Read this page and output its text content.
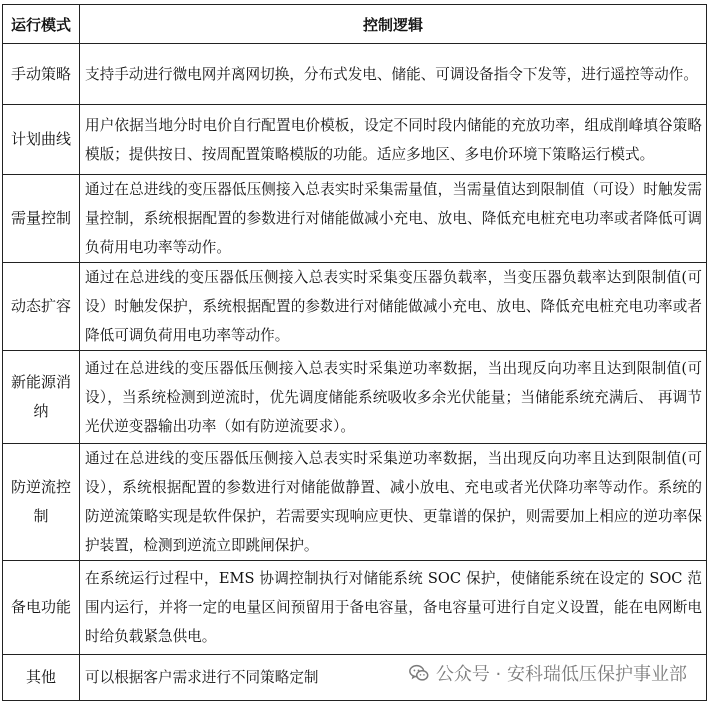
运行模式	控制逻辑
手动策略	支持手动进行微电网并离网切换，分布式发电、储能、可调设备指令下发等，进行遥控等动作。
计划曲线	用户依据当地分时电价自行配置电价模板，设定不同时段内储能的充放功率，组成削峰填谷策略模版；提供按日、按周配置策略模版的功能。适应多地区、多电价环境下策略运行模式。
需量控制	通过在总进线的变压器低压侧接入总表实时采集需量值，当需量值达到限制值（可设）时触发需量控制，系统根据配置的参数进行对储能做减小充电、放电、降低充电桩充电功率或者降低可调负荷用电功率等动作。
动态扩容	通过在总进线的变压器低压侧接入总表实时采集变压器负载率，当变压器负载率达到限制值(可设）时触发保护，系统根据配置的参数进行对储能做减小充电、放电、降低充电桩充电功率或者降低可调负荷用电功率等动作。
新能源消纳	通过在总进线的变压器低压侧接入总表实时采集逆功率数据，当出现反向功率且达到限制值(可设），当系统检测到逆流时，优先调度储能系统吸收多余光伏能量；当储能系统充满后、 再调节光伏逆变器输出功率（如有防逆流要求）。
防逆流控制	通过在总进线的变压器低压侧接入总表实时采集逆功率数据，当出现反向功率且达到限制值(可设），系统根据配置的参数进行对储能做静置、减小放电、充电或者光伏降功率等动作。系统的防逆流策略实现是软件保护，若需要实现响应更快、更靠谱的保护，则需要加上相应的逆功率保护装置，检测到逆流立即跳闸保护。
备电功能	在系统运行过程中，EMS 协调控制执行对储能系统 SOC 保护，使储能系统在设定的 SOC 范围内运行，并将一定的电量区间预留用于备电容量，备电容量可进行自定义设置，能在电网断电时给负载紧急供电。
其他	可以根据客户需求进行不同策略定制	公众号 · 安科瑞低压保护事业部
